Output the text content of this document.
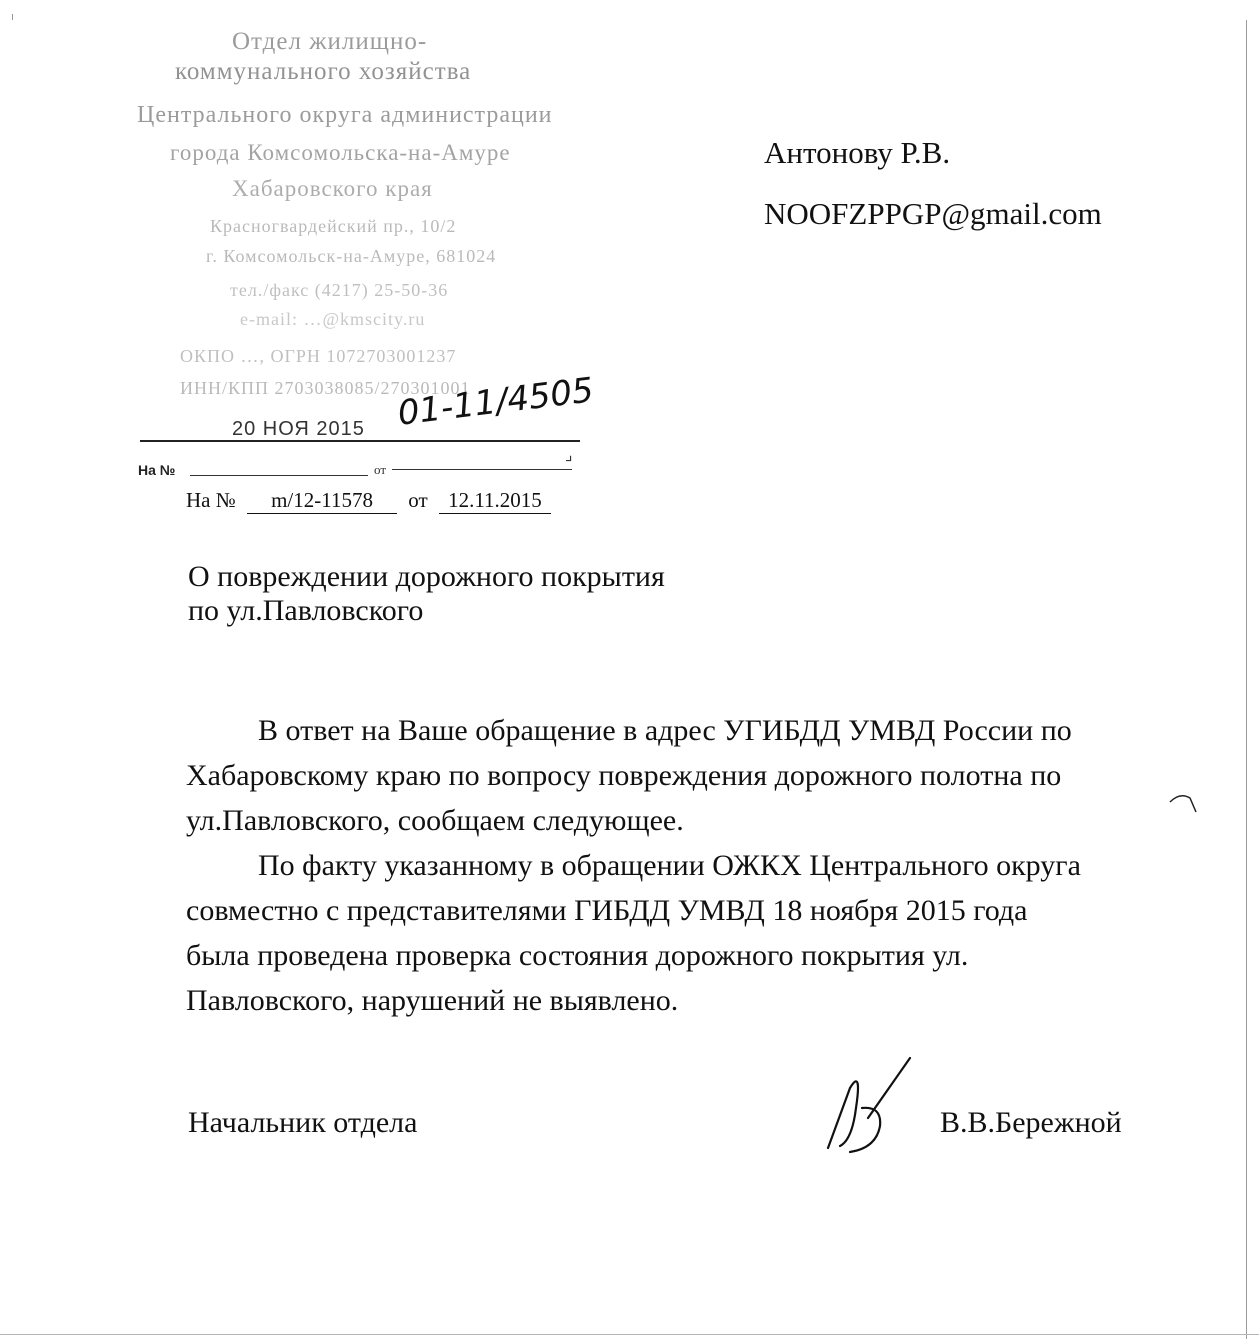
Отдел жилищно-
коммунального хозяйства
Центрального округа администрации
города Комсомольска-на-Амуре
Хабаровского края
Красногвардейский пр., 10/2
г. Комсомольск-на-Амуре, 681024
тел./факс (4217) 25-50-36
e-mail: …@kmscity.ru
ОКПО …, ОГРН 1072703001237
ИНН/КПП 2703038085/270301001
20 НОЯ 2015 01-11/4505
На №	от
⌟
На № m/12-11578 от 12.11.2015
Антонову Р.В.
NOOFZPPGP@gmail.com
О повреждении дорожного покрытия
по ул.Павловского

В ответ на Ваше обращение в адрес УГИБДД УМВД России по Хабаровскому краю по вопросу повреждения дорожного полотна по ул.Павловского, сообщаем следующее.

По факту указанному в обращении ОЖКХ Центрального округа совместно с представителями ГИБДД УМВД 18 ноября 2015 года была проведена проверка состояния дорожного покрытия ул. Павловского, нарушений не выявлено.

Начальник отдела	В.В.Бережной
